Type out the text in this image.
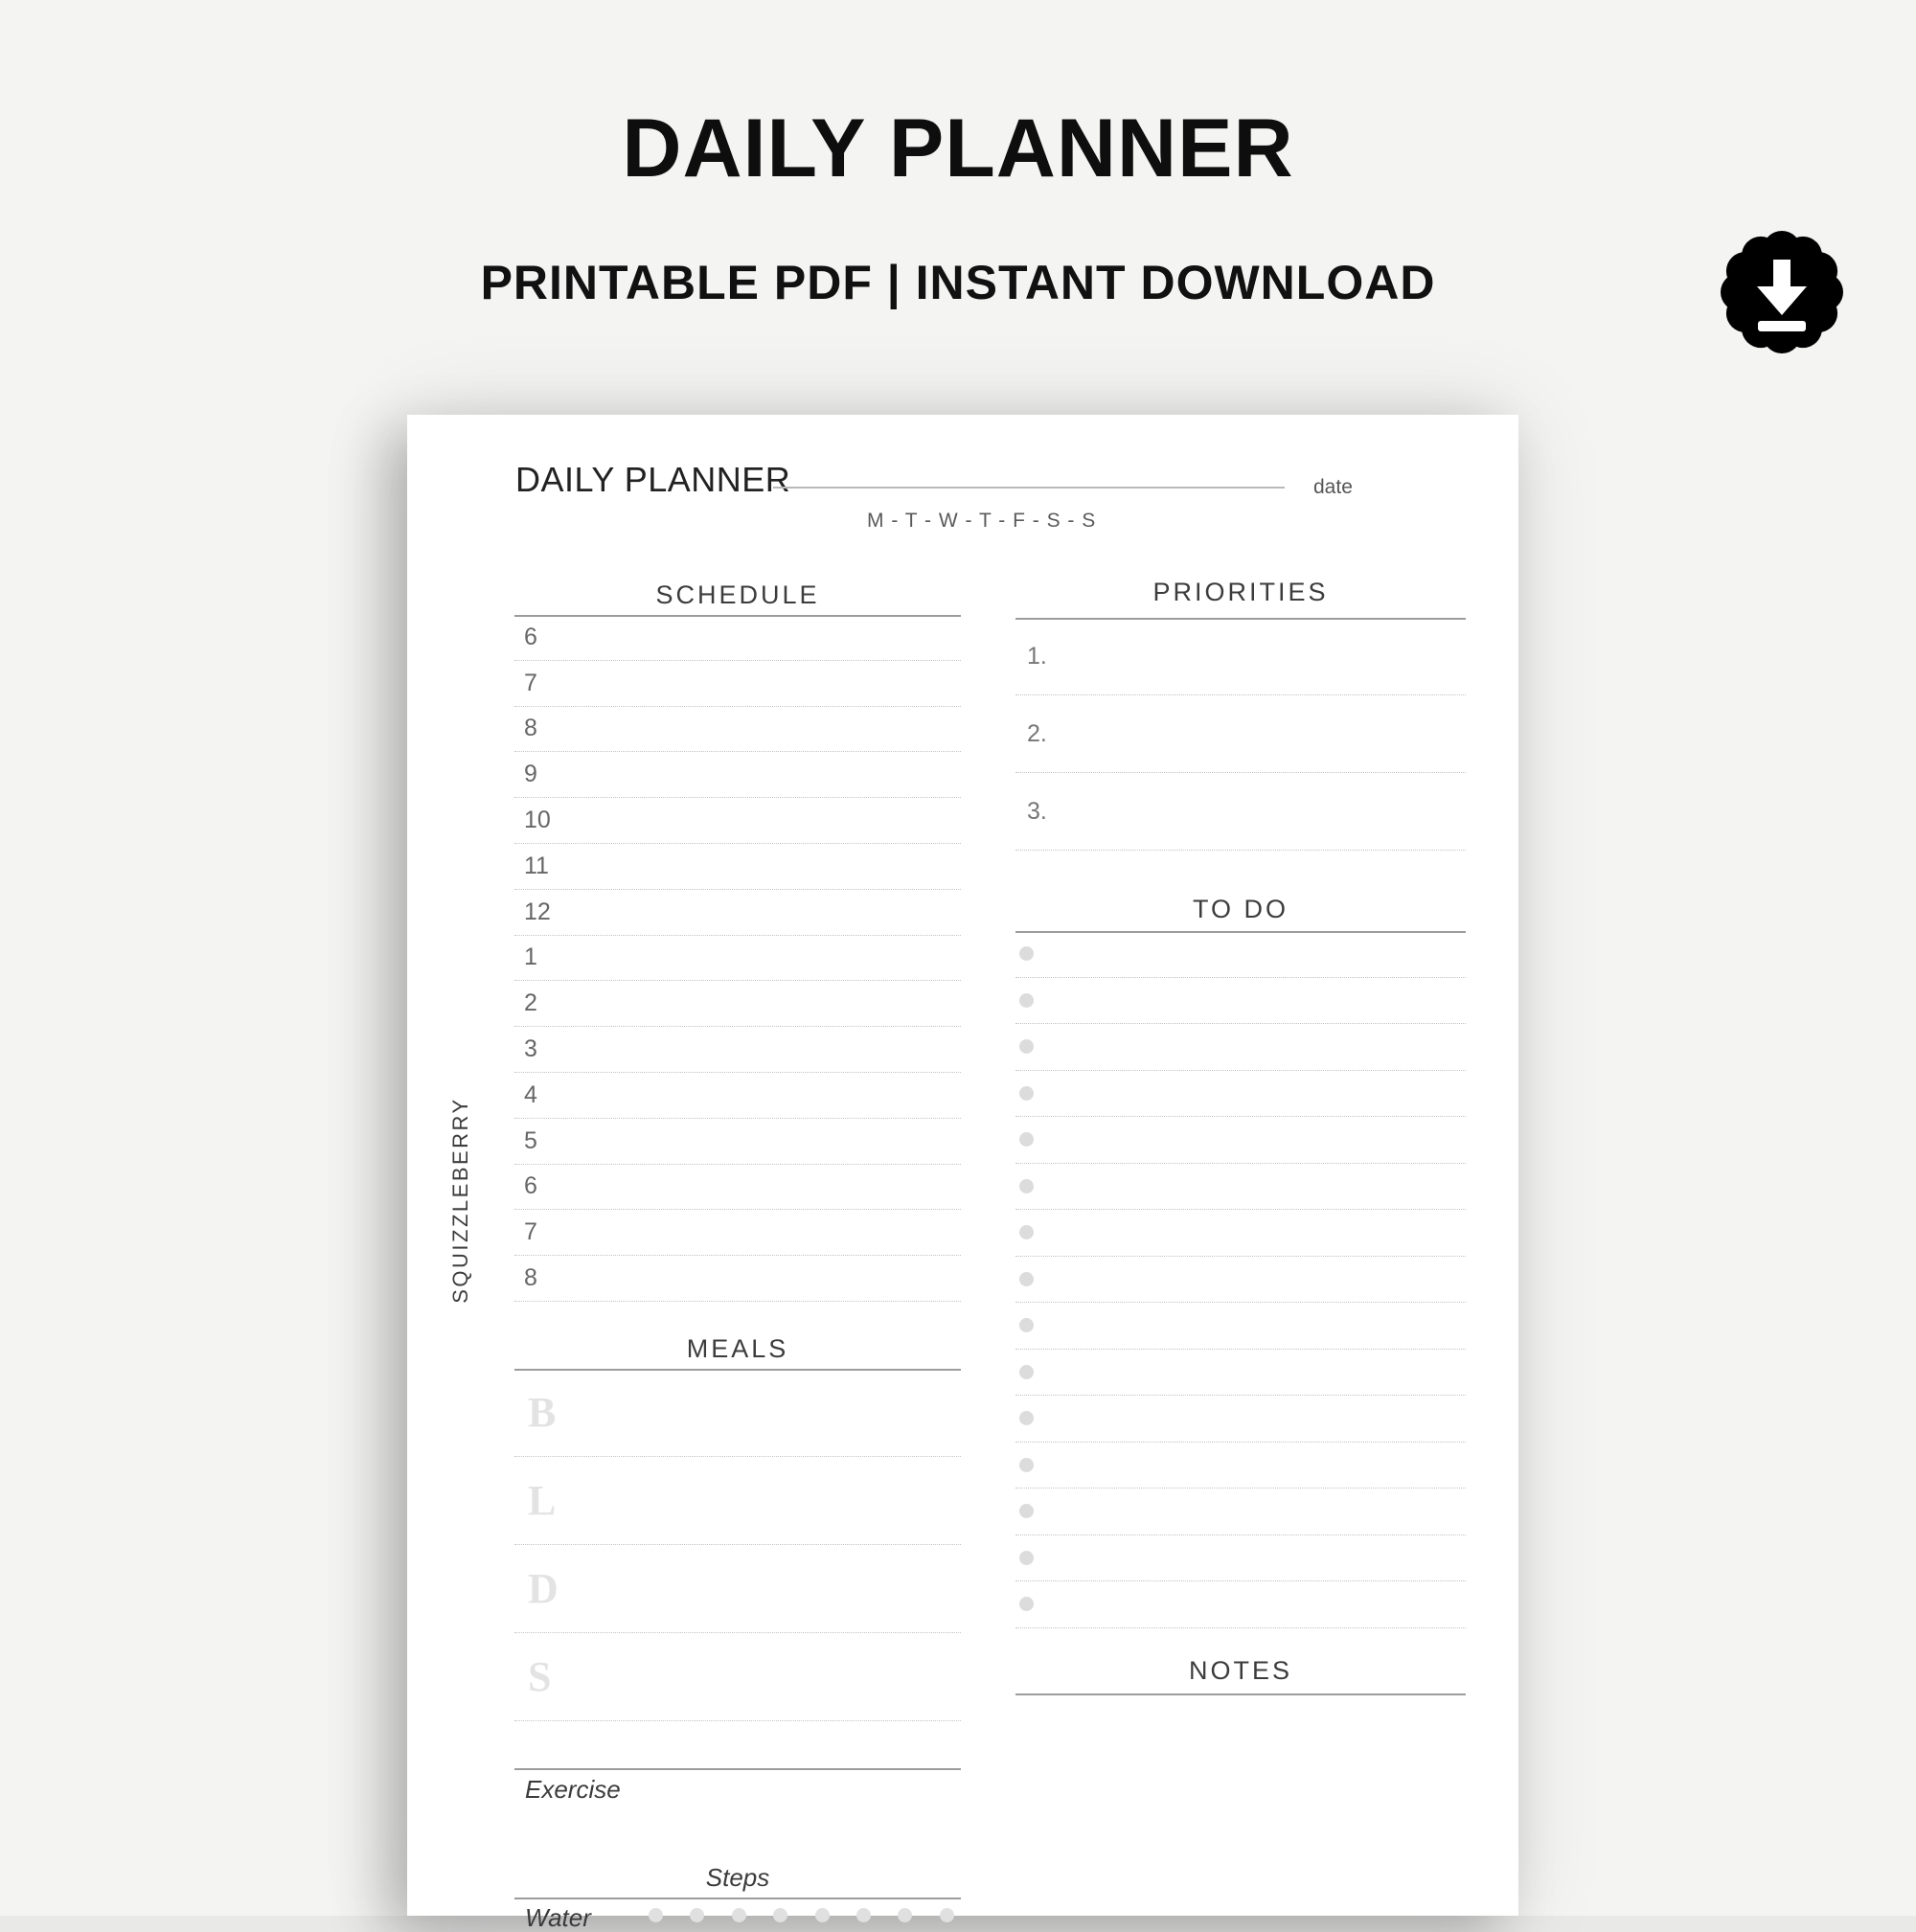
DAILY PLANNER
PRINTABLE PDF | INSTANT DOWNLOAD
DAILY PLANNER	date
M - T - W - T - F - S - S
SQUIZZLEBERRY
SCHEDULE
6
7
8
9
10
11
12
1
2
3
4
5
6
7
8
MEALS
B
L
D
S
Exercise
Steps
Water
PRIORITIES
1.
2.
3.
TO DO
NOTES
